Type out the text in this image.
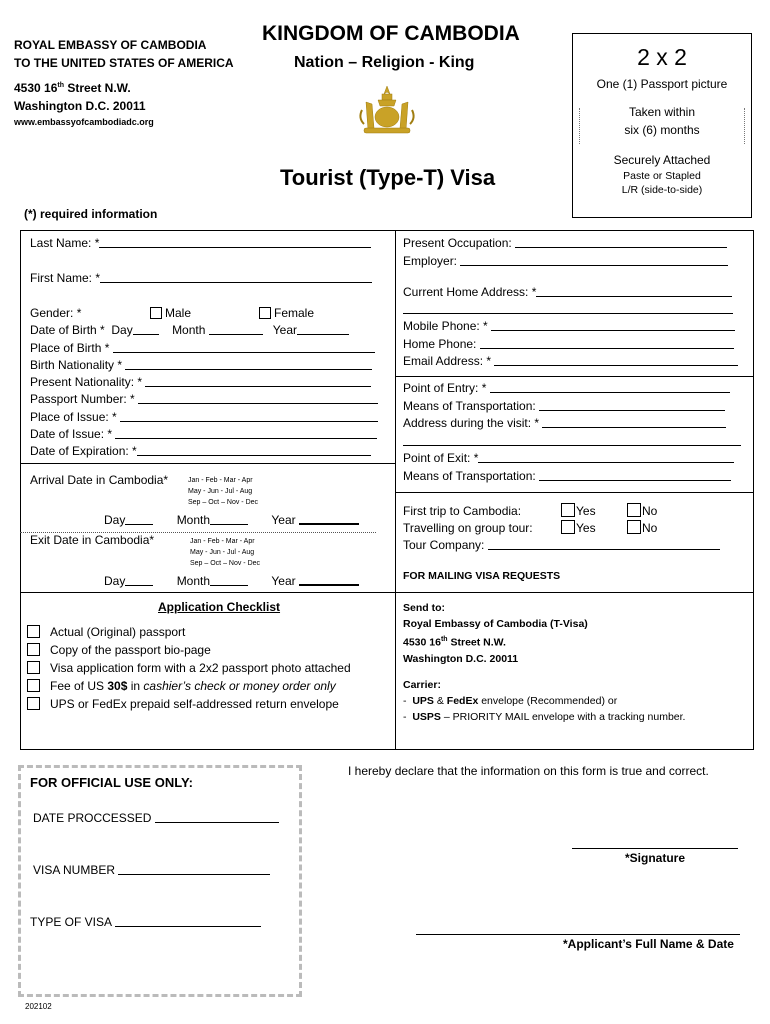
ROYAL EMBASSY OF CAMBODIA
TO THE UNITED STATES OF AMERICA
4530 16th Street N.W.
Washington D.C. 20011
www.embassyofcambodiadc.org
KINGDOM OF CAMBODIA
Nation – Religion - King
Tourist (Type-T) Visa
(*) required information
2 x 2
One (1) Passport picture
Taken within
six (6) months
Securely Attached
Paste or Stapled
L/R (side-to-side)
Last Name: *
First Name: *
Gender: *	Male	Female
Date of Birth * Day	Month	Year
Place of Birth *
Birth Nationality *
Present Nationality: *
Passport Number: *
Place of Issue: *
Date of Issue: *
Date of Expiration: *
Arrival Date in Cambodia*	Jan - Feb - Mar - Apr
May - Jun - Jul - Aug
Sep – Oct – Nov - Dec
Day	Month	Year
Exit Date in Cambodia*	Jan - Feb - Mar - Apr
May - Jun - Jul - Aug
Sep – Oct – Nov - Dec
Day	Month	Year
Application Checklist
Actual (Original) passport
Copy of the passport bio-page
Visa application form with a 2x2 passport photo attached
Fee of US 30$ in cashier’s check or money order only
UPS or FedEx prepaid self-addressed return envelope
Present Occupation:
Employer:
Current Home Address: *
Mobile Phone: *
Home Phone:
Email Address: *
Point of Entry: *
Means of Transportation:
Address during the visit: *
Point of Exit: *
Means of Transportation:
First trip to Cambodia:	Yes	No
Travelling on group tour:	Yes	No
Tour Company:
FOR MAILING VISA REQUESTS
Send to:
Royal Embassy of Cambodia (T-Visa)
4530 16th Street N.W.
Washington D.C. 20011
Carrier:
-  UPS & FedEx envelope (Recommended) or
-  USPS – PRIORITY MAIL envelope with a tracking number.
FOR OFFICIAL USE ONLY:
DATE PROCCESSED
VISA NUMBER
TYPE OF VISA
I hereby declare that the information on this form is true and correct.
*Signature
*Applicant’s Full Name & Date
202102
